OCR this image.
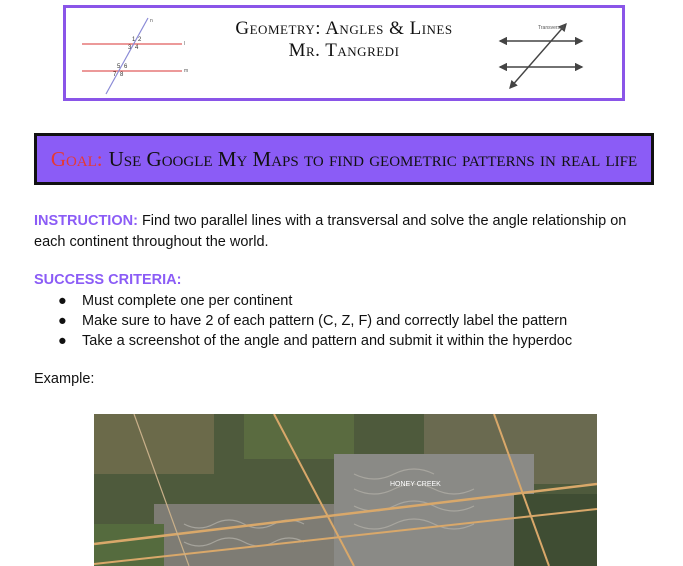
n
l
m
1 2
3 4
5 6
7 8
Geometry: Angles & Lines
Mr. Tangredi
Transversal
Goal: Use Google My Maps to find geometric patterns in real life
INSTRUCTION: Find two parallel lines with a transversal and solve the angle relationship on each continent throughout the world.
SUCCESS CRITERIA:
● Must complete one per continent
● Make sure to have 2 of each pattern (C, Z, F) and correctly label the pattern
● Take a screenshot of the angle and pattern and submit it within the hyperdoc
Example:
HONEY CREEK
